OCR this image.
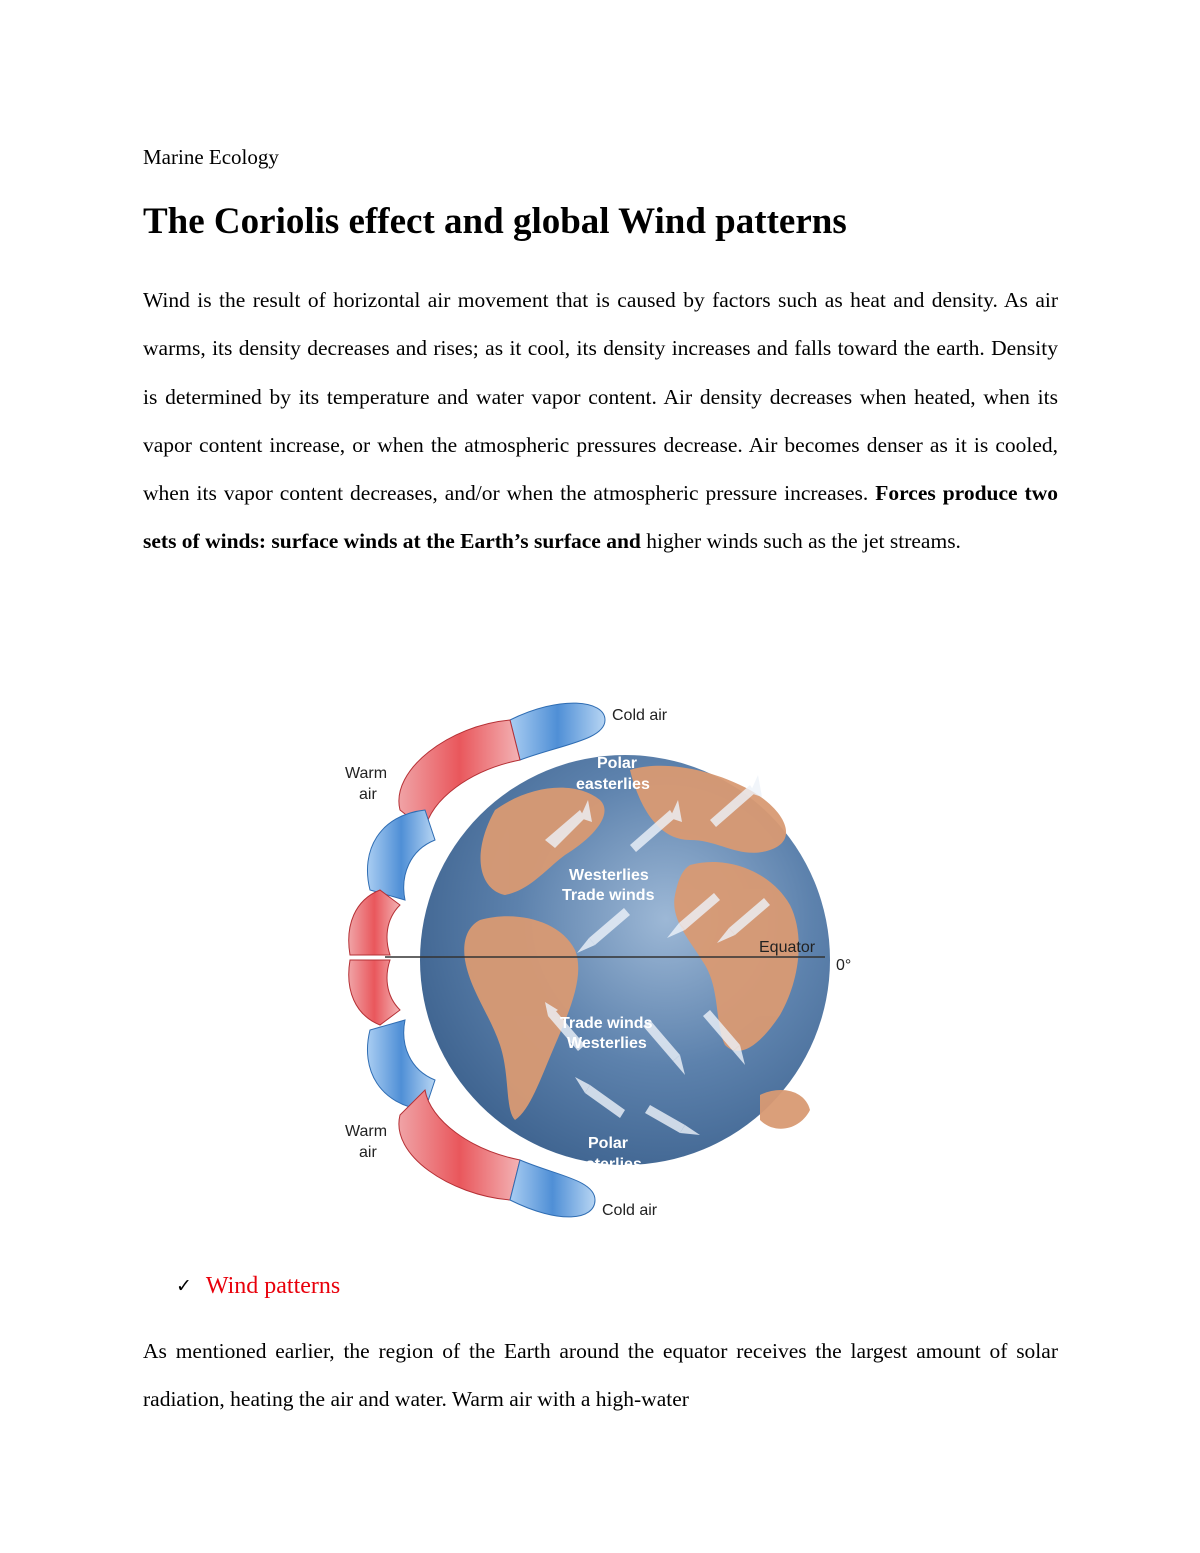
Marine Ecology
The Coriolis effect and global Wind patterns

Wind is the result of horizontal air movement that is caused by factors such as heat and density. As air warms, its density decreases and rises; as it cool, its density increases and falls toward the earth. Density is determined by its temperature and water vapor content. Air density decreases when heated, when its vapor content increase, or when the atmospheric pressures decrease. Air becomes denser as it is cooled, when its vapor content decreases, and/or when the atmospheric pressure increases. Forces produce two sets of winds: surface winds at the Earth’s surface and higher winds such as the jet streams.

Cold air
Warm
air
Polar
easterlies
Westerlies
Trade winds
Equator
0°
Trade winds
Westerlies
Warm
air
Polar
easterlies
Cold air
✓ Wind patterns

As mentioned earlier, the region of the Earth around the equator receives the largest amount of solar radiation, heating the air and water. Warm air with a high-water
